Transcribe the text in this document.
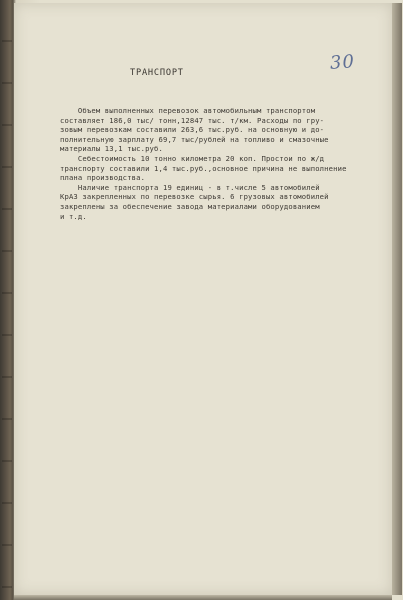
30
ТРАНСПОРТ
Объем выполненных перевозок автомобильным транспортом
составляет 186,0 тыс/ тонн,12847 тыс. т/км. Расходы по гру-
зовым перевозкам составили 263,6 тыс.руб. на основную и до-
полнительную зарплату 69,7 тыс/рублей на топливо и смазочные
материалы 13,1 тыс.руб.
Себестоимость 10 тонно километра 20 коп. Простои по ж/д
транспорту составили 1,4 тыс.руб.,основное причина не выполнение
плана производства.
Наличие транспорта 19 единиц - в т.числе 5 автомобилей
КрАЗ закрепленных по перевозке сырья. 6 грузовых автомобилей
закреплены за обеспечение завода материалами оборудованием
и т.д.
